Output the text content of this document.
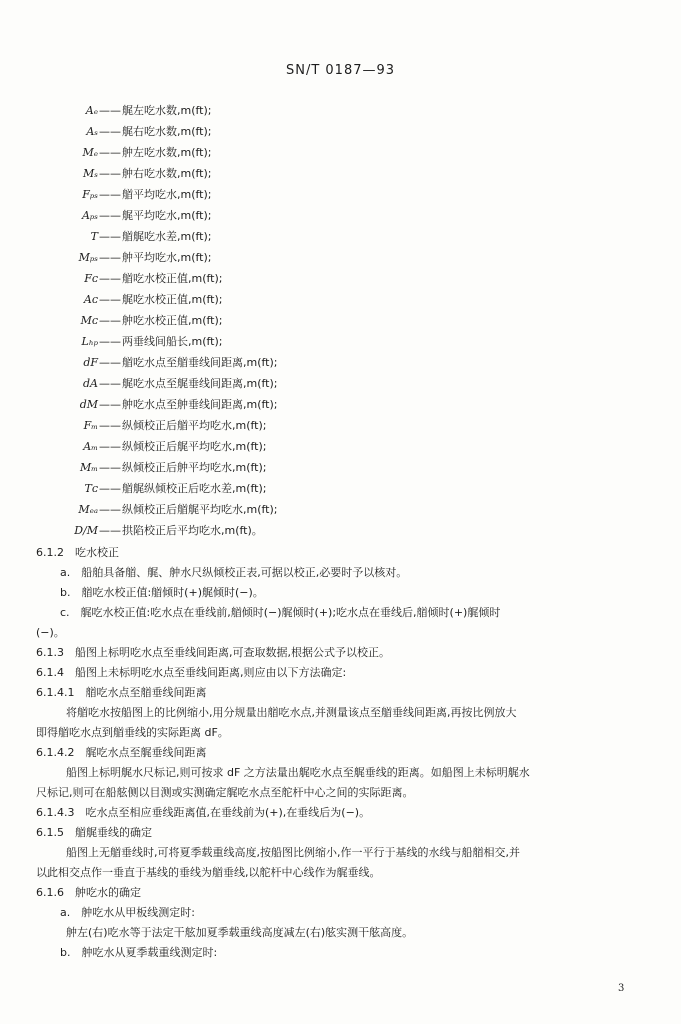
SN/T 0187—93
Aₑ——艉左吃水数,m(ft);
Aₛ——艉右吃水数,m(ft);
Mₑ——舯左吃水数,m(ft);
Mₛ——舯右吃水数,m(ft);
Fₚₛ——艏平均吃水,m(ft);
Aₚₛ——艉平均吃水,m(ft);
T——艏艉吃水差,m(ft);
Mₚₛ——舯平均吃水,m(ft);
Fᴄ——艏吃水校正值,m(ft);
Aᴄ——艉吃水校正值,m(ft);
Mᴄ——舯吃水校正值,m(ft);
Lₕₚ——两垂线间船长,m(ft);
dF——艏吃水点至艏垂线间距离,m(ft);
dA——艉吃水点至艉垂线间距离,m(ft);
dM——舯吃水点至舯垂线间距离,m(ft);
Fₘ——纵倾校正后艏平均吃水,m(ft);
Aₘ——纵倾校正后艉平均吃水,m(ft);
Mₘ——纵倾校正后舯平均吃水,m(ft);
Tᴄ——艏艉纵倾校正后吃水差,m(ft);
Mₑₐ——纵倾校正后艏艉平均吃水,m(ft);
D/M——拱陷校正后平均吃水,m(ft)。
6.1.2　吃水校正
a.　船舶具备艏、艉、舯水尺纵倾校正表,可据以校正,必要时予以核对。
b.　艏吃水校正值:艏倾时(+)艉倾时(−)。
c.　艉吃水校正值:吃水点在垂线前,艏倾时(−)艉倾时(+);吃水点在垂线后,艏倾时(+)艉倾时
(−)。
6.1.3　船图上标明吃水点至垂线间距离,可查取数据,根据公式予以校正。
6.1.4　船图上未标明吃水点至垂线间距离,则应由以下方法确定:
6.1.4.1　艏吃水点至艏垂线间距离
将艏吃水按船图上的比例缩小,用分规量出艏吃水点,并测量该点至艏垂线间距离,再按比例放大
即得艏吃水点到艏垂线的实际距离 dF。
6.1.4.2　艉吃水点至艉垂线间距离
船图上标明艉水尺标记,则可按求 dF 之方法量出艉吃水点至艉垂线的距离。如船图上未标明艉水
尺标记,则可在船舷侧以目测或实测确定艉吃水点至舵杆中心之间的实际距离。
6.1.4.3　吃水点至相应垂线距离值,在垂线前为(+),在垂线后为(−)。
6.1.5　艏艉垂线的确定
船图上无艏垂线时,可将夏季载重线高度,按船图比例缩小,作一平行于基线的水线与船艏相交,并
以此相交点作一垂直于基线的垂线为艏垂线,以舵杆中心线作为艉垂线。
6.1.6　舯吃水的确定
a.　舯吃水从甲板线测定时:
舯左(右)吃水等于法定干舷加夏季载重线高度减左(右)舷实测干舷高度。
b.　舯吃水从夏季载重线测定时:
3
